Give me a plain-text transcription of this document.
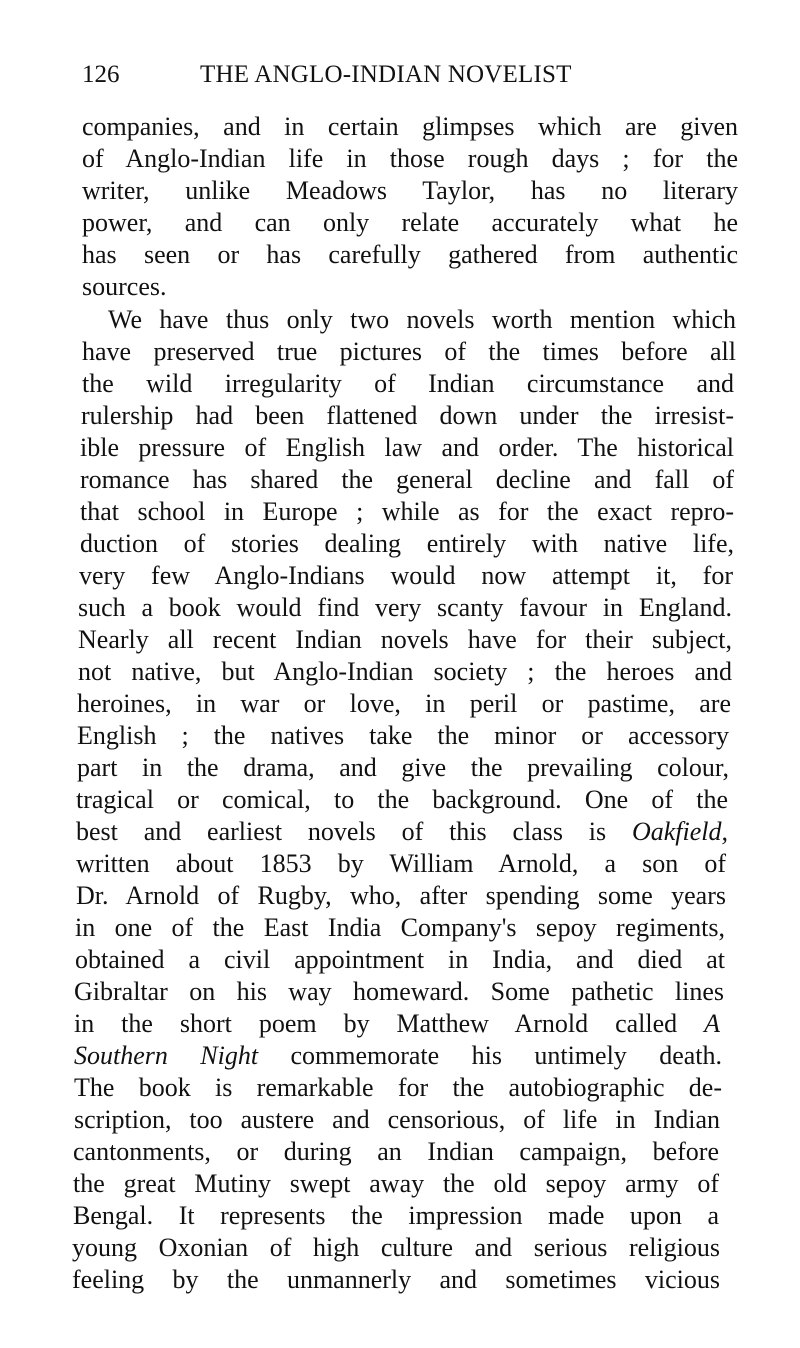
126	THE ANGLO-INDIAN NOVELIST
companies, and in certain glimpses which are given
of Anglo-Indian life in those rough days ; for the
writer, unlike Meadows Taylor, has no literary
power, and can only relate accurately what he
has seen or has carefully gathered from authentic
sources.
We have thus only two novels worth mention which
have preserved true pictures of the times before all
the wild irregularity of Indian circumstance and
rulership had been flattened down under the irresist-
ible pressure of English law and order. The historical
romance has shared the general decline and fall of
that school in Europe ; while as for the exact repro-
duction of stories dealing entirely with native life,
very few Anglo-Indians would now attempt it, for
such a book would find very scanty favour in England.
Nearly all recent Indian novels have for their subject,
not native, but Anglo-Indian society ; the heroes and
heroines, in war or love, in peril or pastime, are
English ; the natives take the minor or accessory
part in the drama, and give the prevailing colour,
tragical or comical, to the background. One of the
best and earliest novels of this class is Oakfield,
written about 1853 by William Arnold, a son of
Dr. Arnold of Rugby, who, after spending some years
in one of the East India Company's sepoy regiments,
obtained a civil appointment in India, and died at
Gibraltar on his way homeward. Some pathetic lines
in the short poem by Matthew Arnold called A
Southern Night commemorate his untimely death.
The book is remarkable for the autobiographic de-
scription, too austere and censorious, of life in Indian
cantonments, or during an Indian campaign, before
the great Mutiny swept away the old sepoy army of
Bengal. It represents the impression made upon a
young Oxonian of high culture and serious religious
feeling by the unmannerly and sometimes vicious
